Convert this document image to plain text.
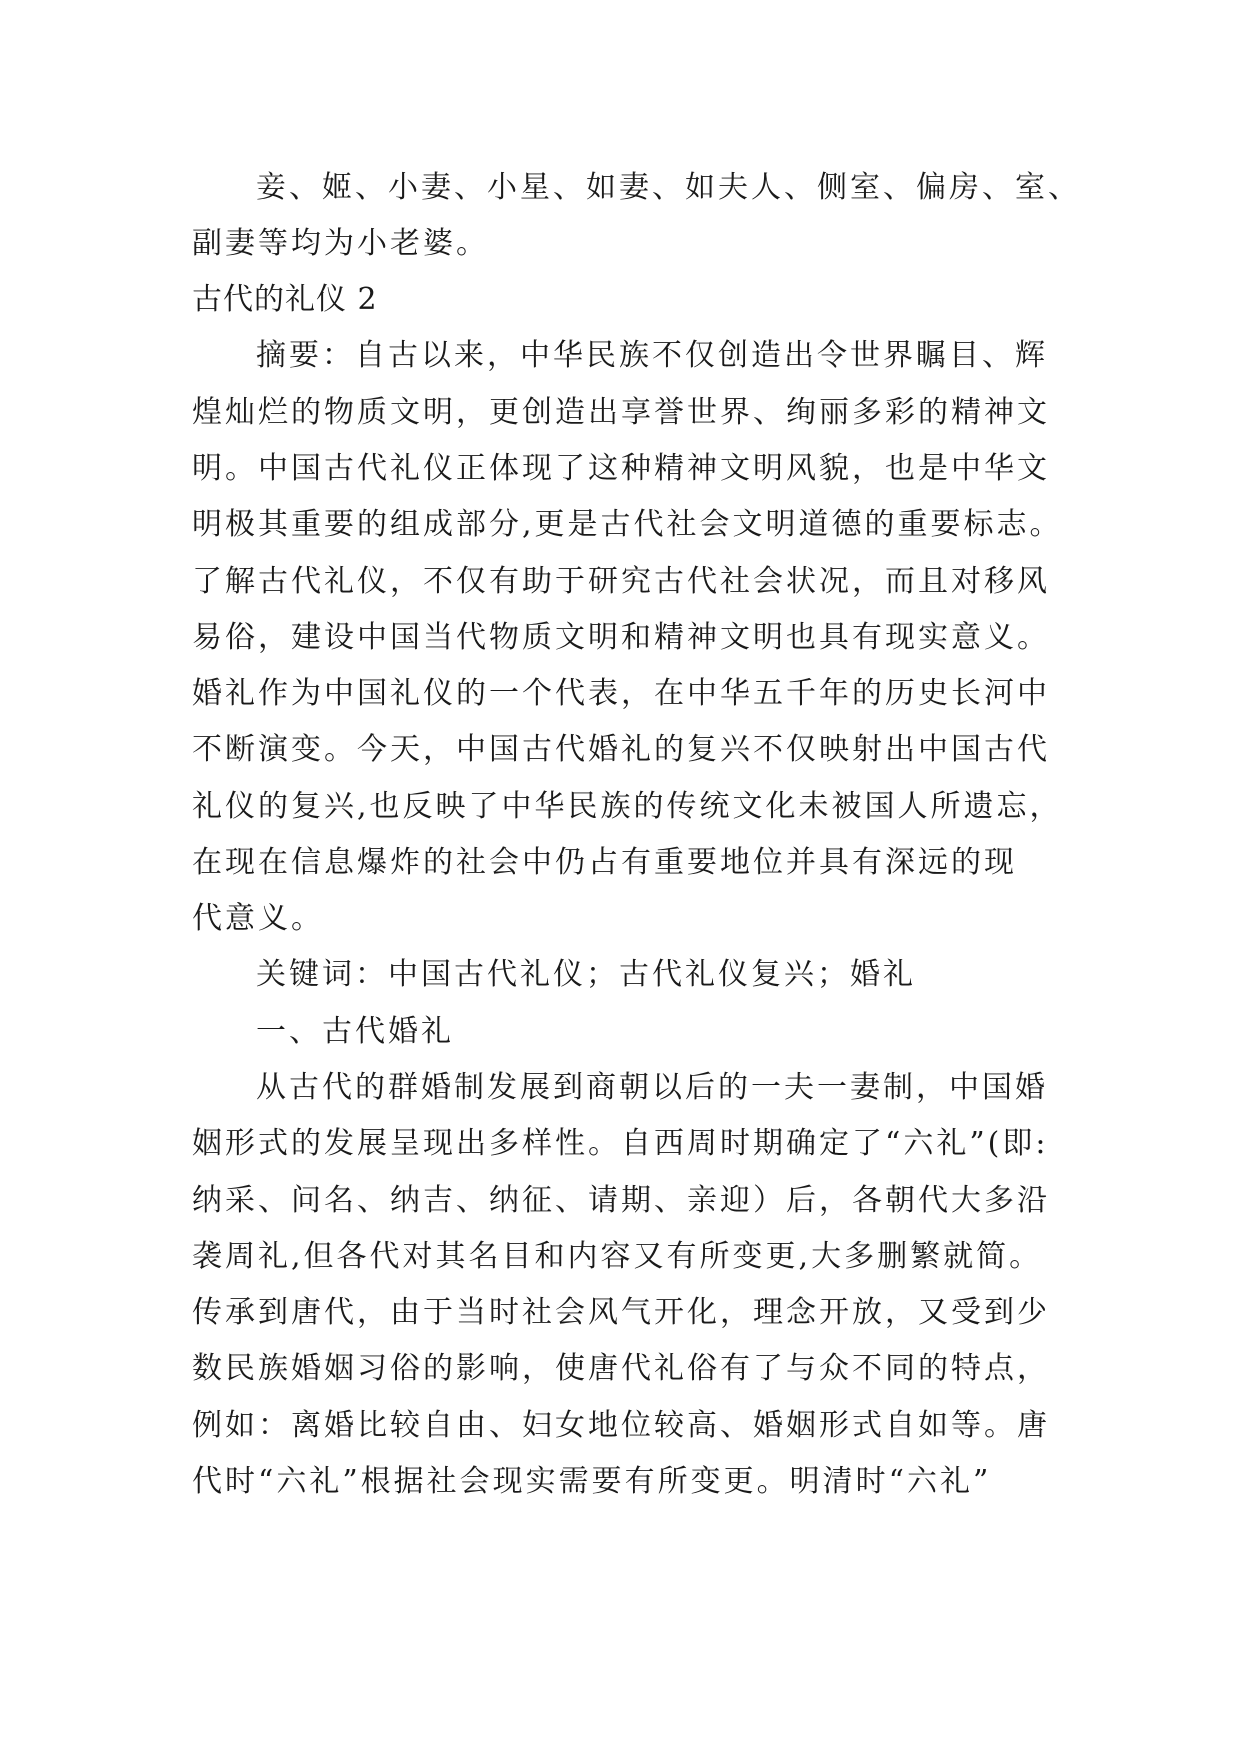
妾、姬、小妻、小星、如妻、如夫人、侧室、偏房、室、
副妻等均为小老婆。
古代的礼仪 2
摘要：自古以来，中华民族不仅创造出令世界瞩目、辉
煌灿烂的物质文明，更创造出享誉世界、绚丽多彩的精神文
明。中国古代礼仪正体现了这种精神文明风貌，也是中华文
明极其重要的组成部分,更是古代社会文明道德的重要标志。
了解古代礼仪，不仅有助于研究古代社会状况，而且对移风
易俗，建设中国当代物质文明和精神文明也具有现实意义。
婚礼作为中国礼仪的一个代表，在中华五千年的历史长河中
不断演变。今天，中国古代婚礼的复兴不仅映射出中国古代
礼仪的复兴,也反映了中华民族的传统文化未被国人所遗忘，
在现在信息爆炸的社会中仍占有重要地位并具有深远的现
代意义。
关键词：中国古代礼仪；古代礼仪复兴；婚礼
一、古代婚礼
从古代的群婚制发展到商朝以后的一夫一妻制，中国婚
姻形式的发展呈现出多样性。自西周时期确定了“六礼”(即:
纳采、问名、纳吉、纳征、请期、亲迎）后，各朝代大多沿
袭周礼,但各代对其名目和内容又有所变更,大多删繁就简。
传承到唐代，由于当时社会风气开化，理念开放，又受到少
数民族婚姻习俗的影响，使唐代礼俗有了与众不同的特点，
例如：离婚比较自由、妇女地位较高、婚姻形式自如等。唐
代时“六礼”根据社会现实需要有所变更。明清时“六礼”
